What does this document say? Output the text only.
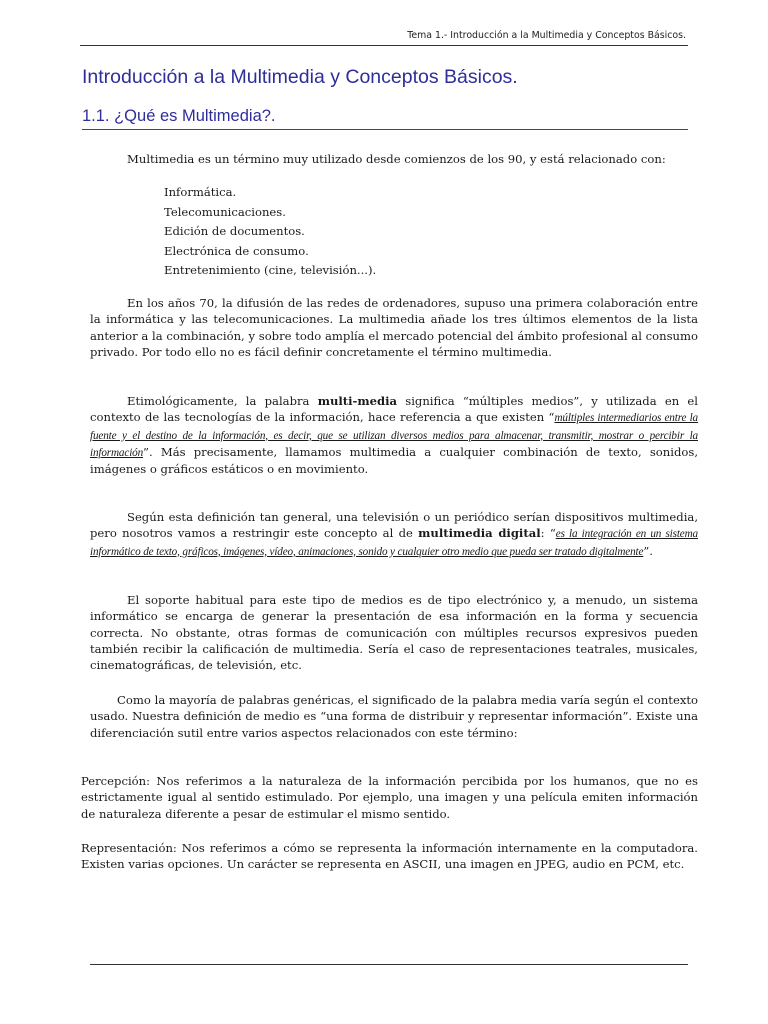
Tema 1.- Introducción a la Multimedia y Conceptos Básicos.
Introducción a la Multimedia y Conceptos Básicos.
1.1. ¿Qué es Multimedia?.

Multimedia es un término muy utilizado desde comienzos de los 90, y está relacionado con:

Informática.
Telecomunicaciones.
Edición de documentos.
Electrónica de consumo.
Entretenimiento (cine, televisión...).

En los años 70, la difusión de las redes de ordenadores, supuso una primera colaboración entre la informática y las telecomunicaciones. La multimedia añade los tres últimos elementos de la lista anterior a la combinación, y sobre todo amplía el mercado potencial del ámbito profesional al consumo privado. Por todo ello no es fácil definir concretamente el término multimedia.

Etimológicamente, la palabra multi-media significa “múltiples medios”, y utilizada en el contexto de las tecnologías de la información, hace referencia a que existen “múltiples intermediarios entre la fuente y el destino de la información, es decir, que se utilizan diversos medios para almacenar, transmitir, mostrar o percibir la información”. Más precisamente, llamamos multimedia a cualquier combinación de texto, sonidos, imágenes o gráficos estáticos o en movimiento.

Según esta definición tan general, una televisión o un periódico serían dispositivos multimedia, pero nosotros vamos a restringir este concepto al de multimedia digital: “es la integración en un sistema informático de texto, gráficos, imágenes, vídeo, animaciones, sonido y cualquier otro medio que pueda ser tratado digitalmente”.

El soporte habitual para este tipo de medios es de tipo electrónico y, a menudo, un sistema informático se encarga de generar la presentación de esa información en la forma y secuencia correcta. No obstante, otras formas de comunicación con múltiples recursos expresivos pueden también recibir la calificación de multimedia. Sería el caso de representaciones teatrales, musicales, cinematográficas, de televisión, etc.

Como la mayoría de palabras genéricas, el significado de la palabra media varía según el contexto usado. Nuestra definición de medio es “una forma de distribuir y representar información”. Existe una diferenciación sutil entre varios aspectos relacionados con este término:

Percepción: Nos referimos a la naturaleza de la información percibida por los humanos, que no es estrictamente igual al sentido estimulado. Por ejemplo, una imagen y una película emiten información de naturaleza diferente a pesar de estimular el mismo sentido.

Representación: Nos referimos a cómo se representa la información internamente en la computadora. Existen varias opciones. Un carácter se representa en ASCII, una imagen en JPEG, audio en PCM, etc.
